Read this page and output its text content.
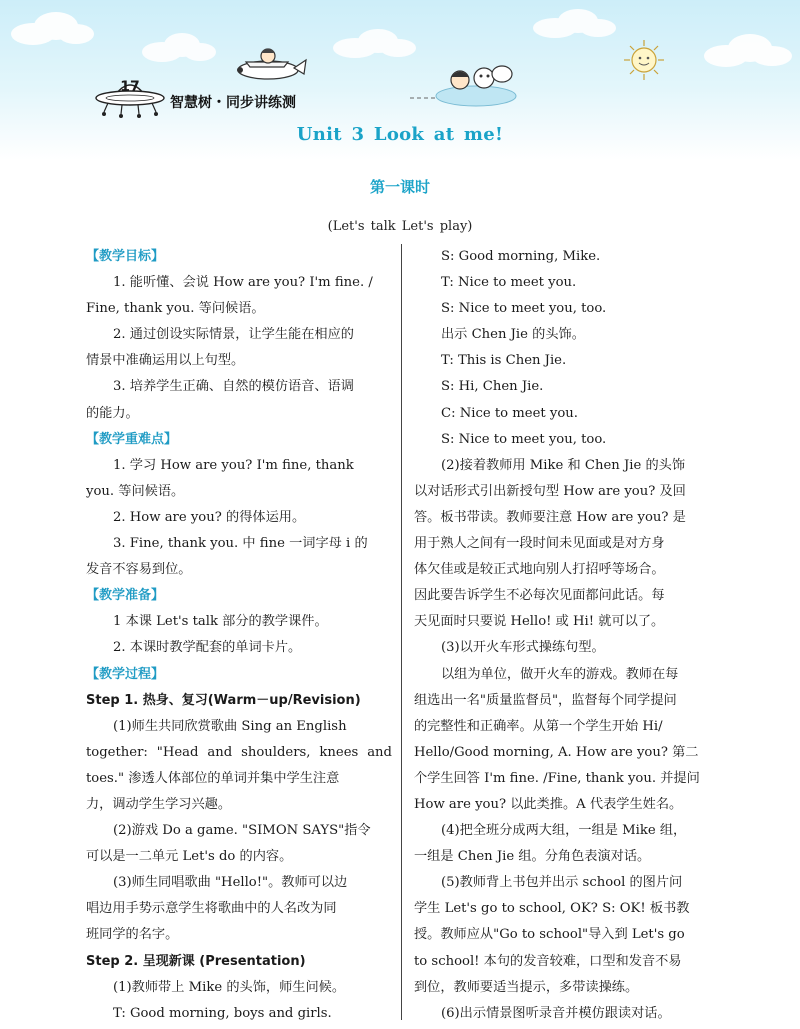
17
智慧树・同步讲练测
Unit 3 Look at me!
第一课时
(Let's talk Let's play)
【教学目标】
1. 能听懂、会说 How are you? I'm fine. /
Fine, thank you. 等问候语。
2. 通过创设实际情景，让学生能在相应的
情景中准确运用以上句型。
3. 培养学生正确、自然的模仿语音、语调
的能力。
【教学重难点】
1. 学习 How are you? I'm fine, thank
you. 等问候语。
2. How are you? 的得体运用。
3. Fine, thank you. 中 fine 一词字母 i 的
发音不容易到位。
【教学准备】
1 本课 Let's talk 部分的教学课件。
2. 本课时教学配套的单词卡片。
【教学过程】
Step 1. 热身、复习(Warm－up/Revision)
(1)师生共同欣赏歌曲 Sing an English
together: "Head and shoulders, knees and
toes." 渗透人体部位的单词并集中学生注意
力，调动学生学习兴趣。
(2)游戏 Do a game. "SIMON SAYS"指令
可以是一二单元 Let's do 的内容。
(3)师生同唱歌曲 "Hello!"。教师可以边
唱边用手势示意学生将歌曲中的人名改为同
班同学的名字。
Step 2. 呈现新课 (Presentation)
(1)教师带上 Mike 的头饰，师生问候。
T: Good morning, boys and girls.
S: Good morning, Mike.
T: Nice to meet you.
S: Nice to meet you, too.
出示 Chen Jie 的头饰。
T: This is Chen Jie.
S: Hi, Chen Jie.
C: Nice to meet you.
S: Nice to meet you, too.
(2)接着教师用 Mike 和 Chen Jie 的头饰
以对话形式引出新授句型 How are you? 及回
答。板书带读。教师要注意 How are you? 是
用于熟人之间有一段时间未见面或是对方身
体欠佳或是较正式地向别人打招呼等场合。
因此要告诉学生不必每次见面都问此话。每
天见面时只要说 Hello! 或 Hi! 就可以了。
(3)以开火车形式操练句型。
以组为单位，做开火车的游戏。教师在每
组选出一名"质量监督员"，监督每个同学提问
的完整性和正确率。从第一个学生开始 Hi/
Hello/Good morning, A. How are you? 第二
个学生回答 I'm fine. /Fine, thank you. 并提问
How are you? 以此类推。A 代表学生姓名。
(4)把全班分成两大组，一组是 Mike 组，
一组是 Chen Jie 组。分角色表演对话。
(5)教师背上书包并出示 school 的图片问
学生 Let's go to school, OK? S: OK! 板书教
授。教师应从"Go to school"导入到 Let's go
to school! 本句的发音较难，口型和发音不易
到位，教师要适当提示，多带读操练。
(6)出示情景图听录音并模仿跟读对话。
